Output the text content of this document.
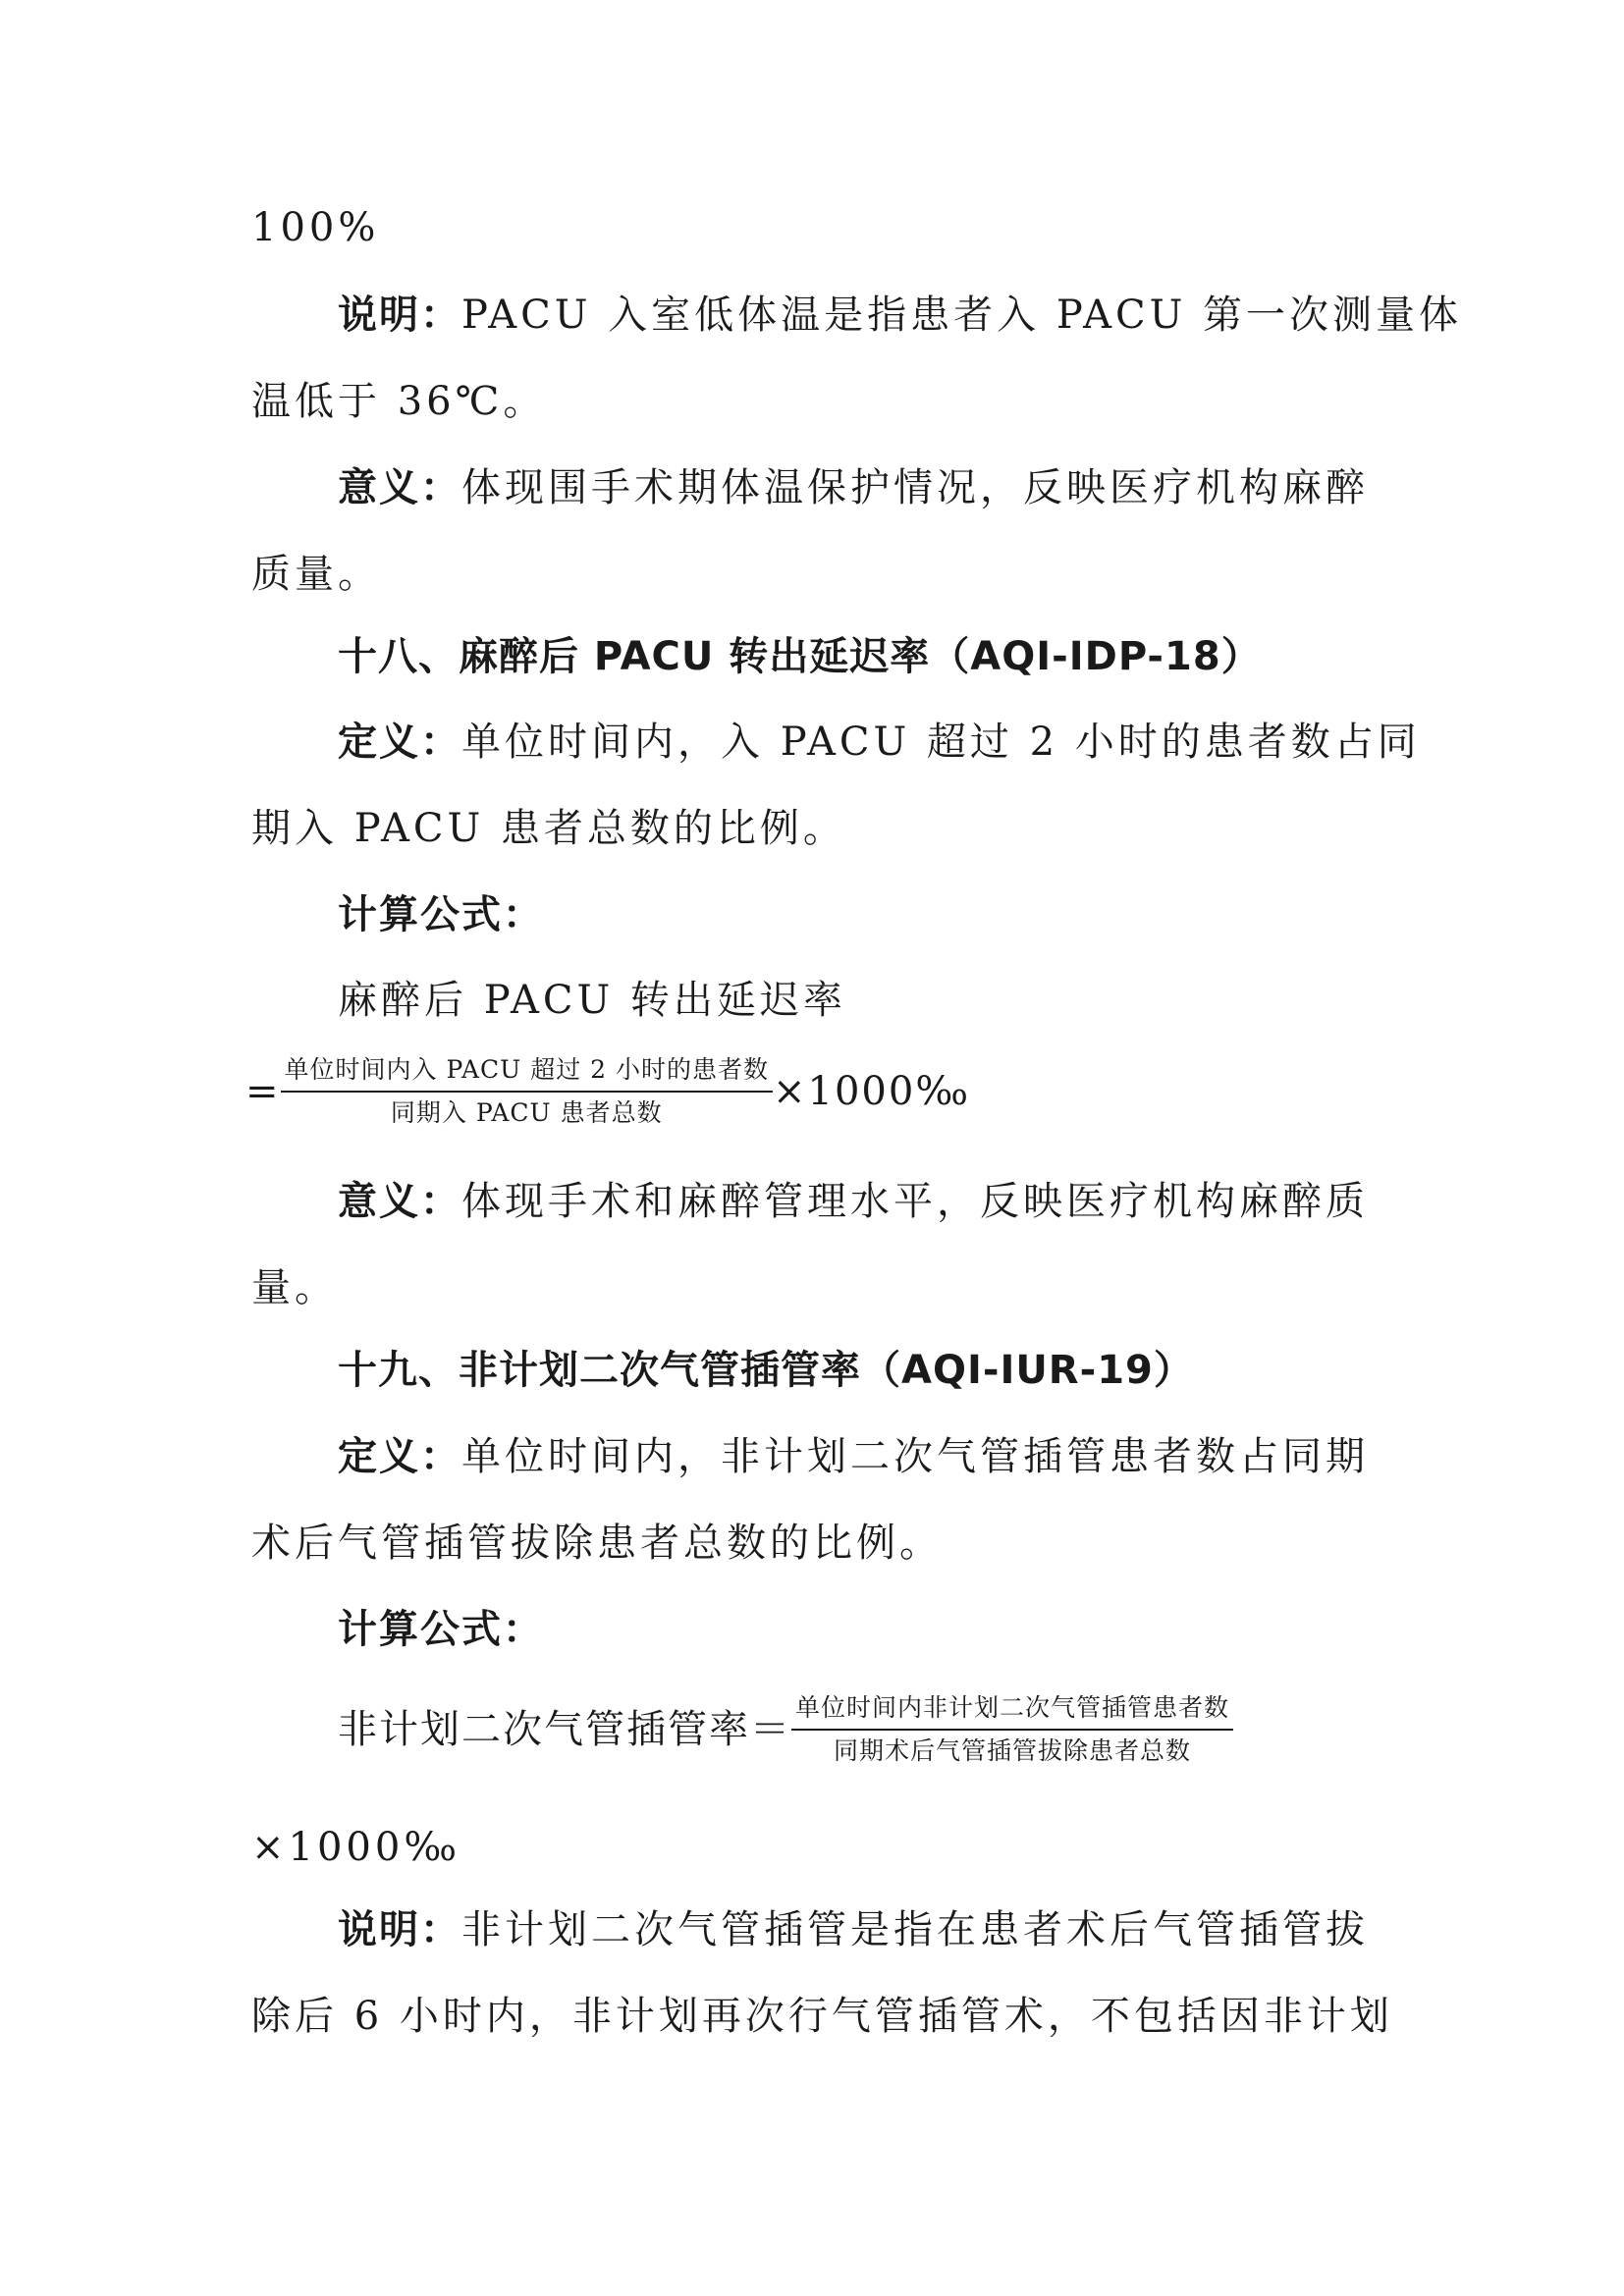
100%
说明：PACU 入室低体温是指患者入 PACU 第一次测量体
温低于 36℃。
意义：体现围手术期体温保护情况，反映医疗机构麻醉
质量。
十八、麻醉后 PACU 转出延迟率（AQI-IDP-18）
定义：单位时间内，入 PACU 超过 2 小时的患者数占同
期入 PACU 患者总数的比例。
计算公式：
麻醉后 PACU 转出延迟率
= $\frac{\text{单位时间内入 PACU 超过 2 小时的患者数}}{\text{同期入 PACU 患者总数}}$ ×1000‰
意义：体现手术和麻醉管理水平，反映医疗机构麻醉质
量。
十九、非计划二次气管插管率（AQI-IUR-19）
定义：单位时间内，非计划二次气管插管患者数占同期
术后气管插管拔除患者总数的比例。
计算公式：
非计划二次气管插管率＝ $\frac{\text{单位时间内非计划二次气管插管患者数}}{\text{同期术后气管插管拔除患者总数}}$
×1000‰
说明：非计划二次气管插管是指在患者术后气管插管拔
除后 6 小时内，非计划再次行气管插管术，不包括因非计划
